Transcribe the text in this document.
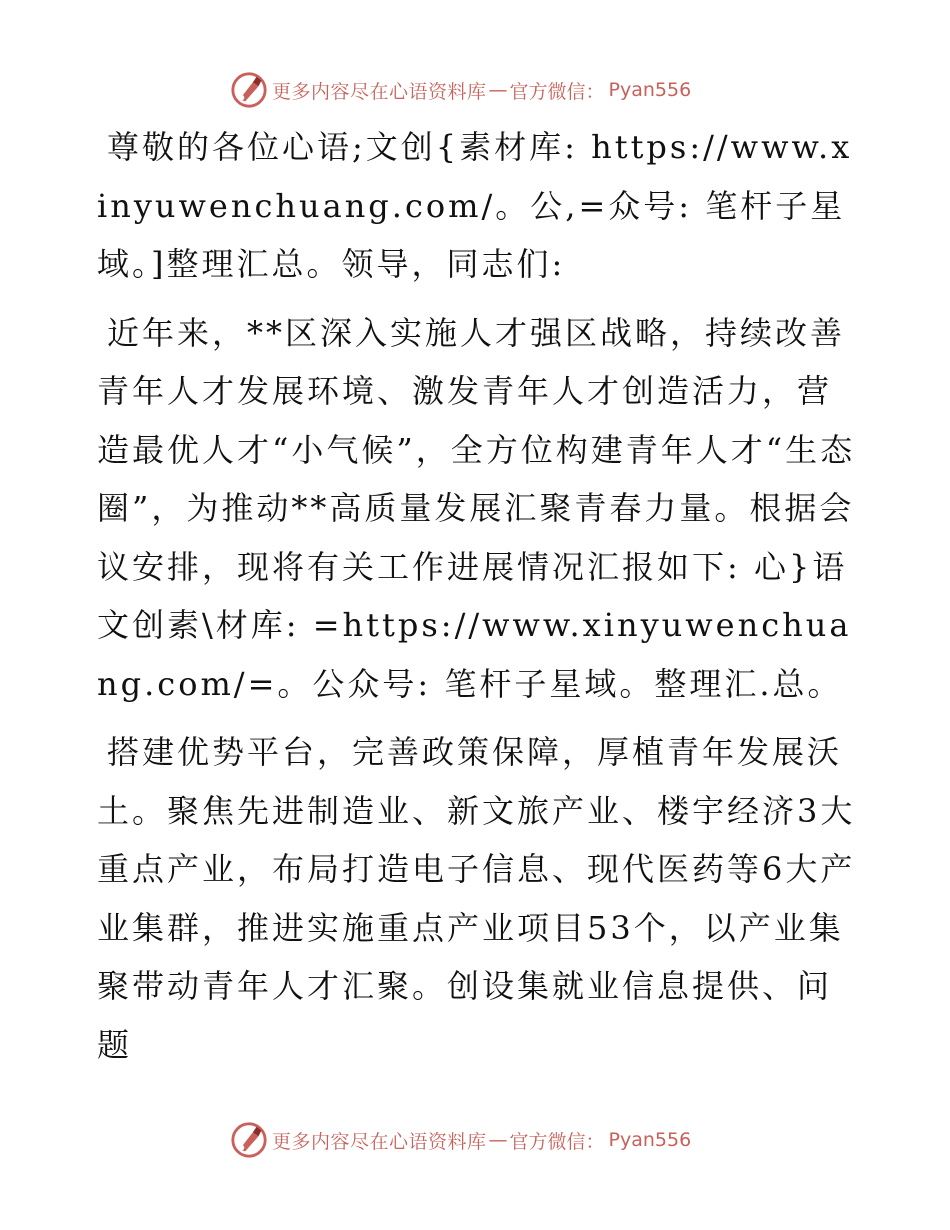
更多内容尽在心语资料库 — 官方微信： Pyan556

尊敬的各位心语;文创{素材库: https://www.xinyuwenchuang.com/。公,=众号: 笔杆子星域。]整理汇总。领导，同志们:

近年来，**区深入实施人才强区战略，持续改善青年人才发展环境、激发青年人才创造活力，营造最优人才“小气候”，全方位构建青年人才“生态圈”，为推动**高质量发展汇聚青春力量。根据会议安排，现将有关工作进展情况汇报如下: 心}语文创素\材库: =https://www.xinyuwenchuang.com/=。公众号: 笔杆子星域。整理汇.总。

搭建优势平台，完善政策保障，厚植青年发展沃土。聚焦先进制造业、新文旅产业、楼宇经济3大重点产业，布局打造电子信息、现代医药等6大产业集群，推进实施重点产业项目53个，以产业集聚带动青年人才汇聚。创设集就业信息提供、问题

更多内容尽在心语资料库 — 官方微信： Pyan556
